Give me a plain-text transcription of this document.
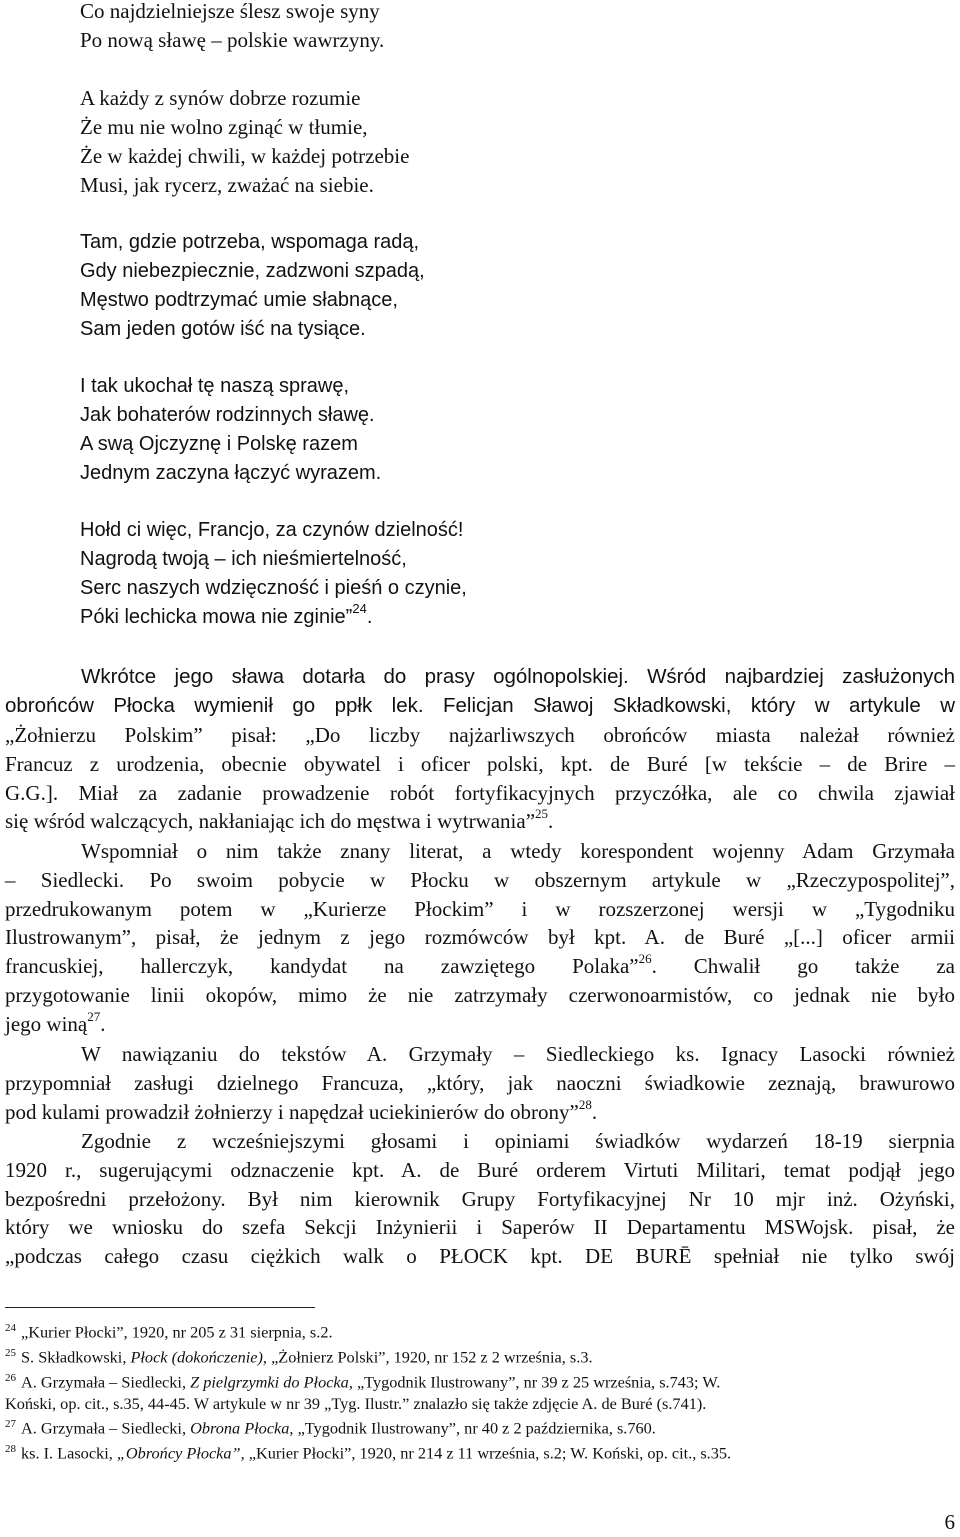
Co najdzielniejsze ślesz swoje syny
Po nową sławę – polskie wawrzyny.
A każdy z synów dobrze rozumie
Że mu nie wolno zginąć w tłumie,
Że w każdej chwili, w każdej potrzebie
Musi, jak rycerz, zważać na siebie.
Tam, gdzie potrzeba, wspomaga radą,
Gdy niebezpiecznie, zadzwoni szpadą,
Męstwo podtrzymać umie słabnące,
Sam jeden gotów iść na tysiące.
I tak ukochał tę naszą sprawę,
Jak bohaterów rodzinnych sławę.
A swą Ojczyznę i Polskę razem
Jednym zaczyna łączyć wyrazem.
Hołd ci więc, Francjo, za czynów dzielność!
Nagrodą twoją – ich nieśmiertelność,
Serc naszych wdzięczność i pieśń o czynie,
Póki lechicka mowa nie zginie”$^{24}$.
Wkrótce jego sława dotarła do prasy ogólnopolskiej. Wśród najbardziej zasłużonych
obrońców Płocka wymienił go ppłk lek. Felicjan Sławoj Składkowski, który w artykule w
„Żołnierzu Polskim” pisał: „Do liczby najżarliwszych obrońców miasta należał również
Francuz z urodzenia, obecnie obywatel i oficer polski, kpt. de Buré [w tekście – de Brire –
G.G.]. Miał za zadanie prowadzenie robót fortyfikacyjnych przyczółka, ale co chwila zjawiał
się wśród walczących, nakłaniając ich do męstwa i wytrwania”$^{25}$.
Wspomniał o nim także znany literat, a wtedy korespondent wojenny Adam Grzymała
– Siedlecki. Po swoim pobycie w Płocku w obszernym artykule w „Rzeczypospolitej”,
przedrukowanym potem w „Kurierze Płockim” i w rozszerzonej wersji w „Tygodniku
Ilustrowanym”, pisał, że jednym z jego rozmówców był kpt. A. de Buré „[...] oficer armii
francuskiej, hallerczyk, kandydat na zawziętego Polaka”$^{26}$. Chwalił go także za
przygotowanie linii okopów, mimo że nie zatrzymały czerwonoarmistów, co jednak nie było
jego winą$^{27}$.
W nawiązaniu do tekstów A. Grzymały – Siedleckiego ks. Ignacy Lasocki również
przypomniał zasługi dzielnego Francuza, „który, jak naoczni świadkowie zeznają, brawurowo
pod kulami prowadził żołnierzy i napędzał uciekinierów do obrony”$^{28}$.
Zgodnie z wcześniejszymi głosami i opiniami świadków wydarzeń 18-19 sierpnia
1920 r., sugerującymi odznaczenie kpt. A. de Buré orderem Virtuti Militari, temat podjął jego
bezpośredni przełożony. Był nim kierownik Grupy Fortyfikacyjnej Nr 10 mjr inż. Ożyński,
który we wniosku do szefa Sekcji Inżynierii i Saperów II Departamentu MSWojsk. pisał, że
„podczas całego czasu ciężkich walk o PŁOCK kpt. DE BURĒ spełniał nie tylko swój
$^{24}$ „Kurier Płocki”, 1920, nr 205 z 31 sierpnia, s.2.
$^{25}$ S. Składkowski, Płock (dokończenie), „Żołnierz Polski”, 1920, nr 152 z 2 września, s.3.
$^{26}$ A. Grzymała – Siedlecki, Z pielgrzymki do Płocka, „Tygodnik Ilustrowany”, nr 39 z 25 września, s.743; W.
Koński, op. cit., s.35, 44-45. W artykule w nr 39 „Tyg. Ilustr.” znalazło się także zdjęcie A. de Buré (s.741).
$^{27}$ A. Grzymała – Siedlecki, Obrona Płocka, „Tygodnik Ilustrowany”, nr 40 z 2 października, s.760.
$^{28}$ ks. I. Lasocki, „Obrońcy Płocka”, „Kurier Płocki”, 1920, nr 214 z 11 września, s.2; W. Koński, op. cit., s.35.
6
